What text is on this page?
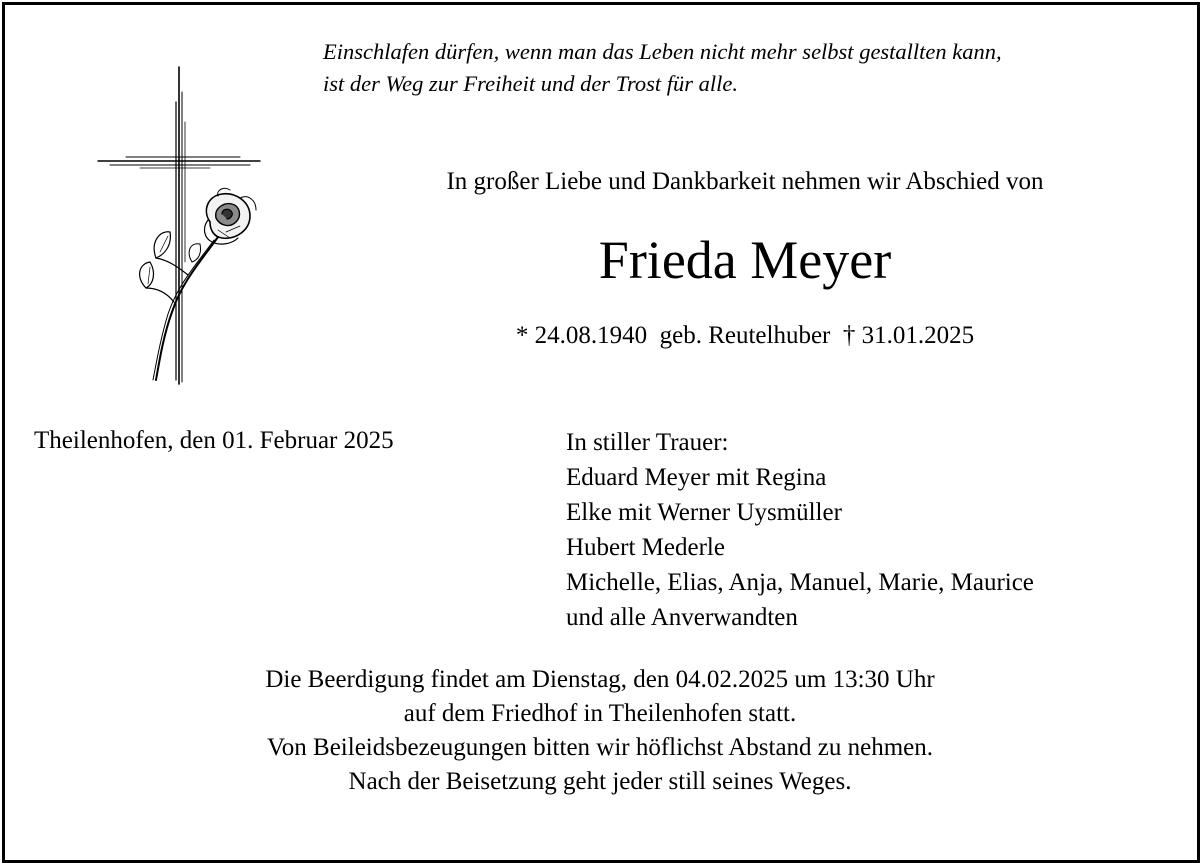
Einschlafen dürfen, wenn man das Leben nicht mehr selbst gestallten kann,
ist der Weg zur Freiheit und der Trost für alle.
In großer Liebe und Dankbarkeit nehmen wir Abschied von
Frieda Meyer
* 24.08.1940  geb. Reutelhuber  † 31.01.2025
Theilenhofen, den 01. Februar 2025	In stiller Trauer:
Eduard Meyer mit Regina
Elke mit Werner Uysmüller
Hubert Mederle
Michelle, Elias, Anja, Manuel, Marie, Maurice
und alle Anverwandten
Die Beerdigung findet am Dienstag, den 04.02.2025 um 13:30 Uhr
auf dem Friedhof in Theilenhofen statt.
Von Beileidsbezeugungen bitten wir höflichst Abstand zu nehmen.
Nach der Beisetzung geht jeder still seines Weges.
